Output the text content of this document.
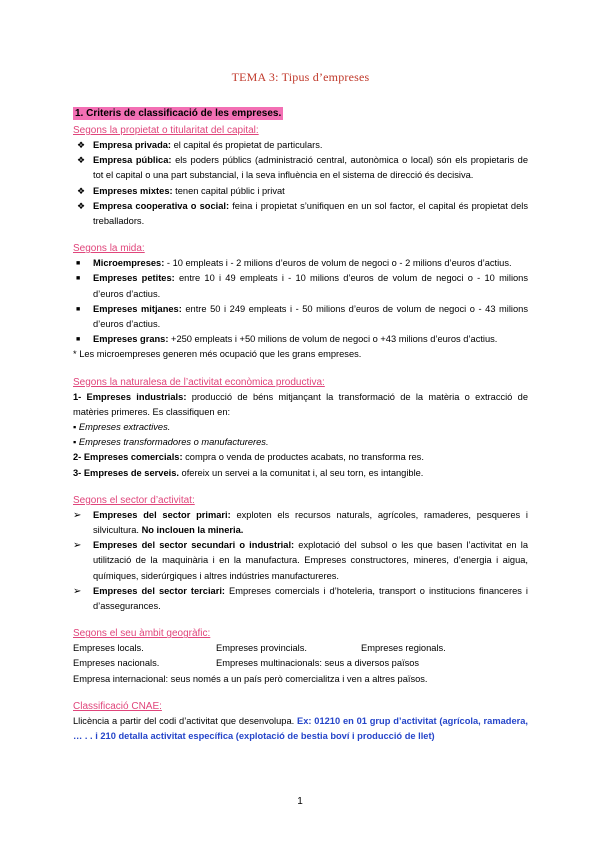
TEMA 3: Tipus d’empreses
1. Criteris de classificació de les empreses.
Segons la propietat o titularitat del capital:
❖ Empresa privada: el capital és propietat de particulars.
❖ Empresa pública: els poders públics (administració central, autonòmica o local) són els propietaris de tot el capital o una part substancial, i la seva influència en el sistema de direcció és decisiva.
❖ Empreses mixtes: tenen capital públic i privat
❖ Empresa cooperativa o social: feina i propietat s’unifiquen en un sol factor, el capital és propietat dels treballadors.
Segons la mida:
■ Microempreses: - 10 empleats i - 2 milions d’euros de volum de negoci o - 2 milions d’euros d’actius.
■ Empreses petites: entre 10 i 49 empleats i - 10 milions d’euros de volum de negoci o - 10 milions d’euros d’actius.
■ Empreses mitjanes: entre 50 i 249 empleats i - 50 milions d’euros de volum de negoci o - 43 milions d’euros d’actius.
■ Empreses grans: +250 empleats i +50 milions de volum de negoci o +43 milions d’euros d’actius.

* Les microempreses generen més ocupació que les grans empreses.

Segons la naturalesa de l’activitat econòmica productiva:

1- Empreses industrials: producció de béns mitjançant la transformació de la matèria o extracció de matèries primeres. Es classifiquen en:

▪ Empreses extractives.

▪ Empreses transformadores o manufactureres.

2- Empreses comercials: compra o venda de productes acabats, no transforma res.

3- Empreses de serveis. ofereix un servei a la comunitat i, al seu torn, es intangible.

Segons el sector d’activitat:
➢ Empreses del sector primari: exploten els recursos naturals, agrícoles, ramaderes, pesqueres i silvicultura. No inclouen la mineria.
➢ Empreses del sector secundari o industrial: explotació del subsol o les que basen l’activitat en la utilització de la maquinària i en la manufactura. Empreses constructores, mineres, d’energia i aigua, químiques, siderúrgiques i altres indústries manufactureres.
➢ Empreses del sector terciari: Empreses comercials i d’hoteleria, transport o institucions financeres i d’assegurances.
Segons el seu àmbit geogràfic:
Empreses locals.	Empreses provincials.	Empreses regionals.
Empreses nacionals.	Empreses multinacionals: seus a diversos països

Empresa internacional: seus només a un país però comercialitza i ven a altres països.

Classificació CNAE:

Llicència a partir del codi d’activitat que desenvolupa. Ex: 01210 en 01 grup d’activitat (agrícola, ramadera, … . . i 210 detalla activitat específica (explotació de bestia boví i producció de llet)

1
